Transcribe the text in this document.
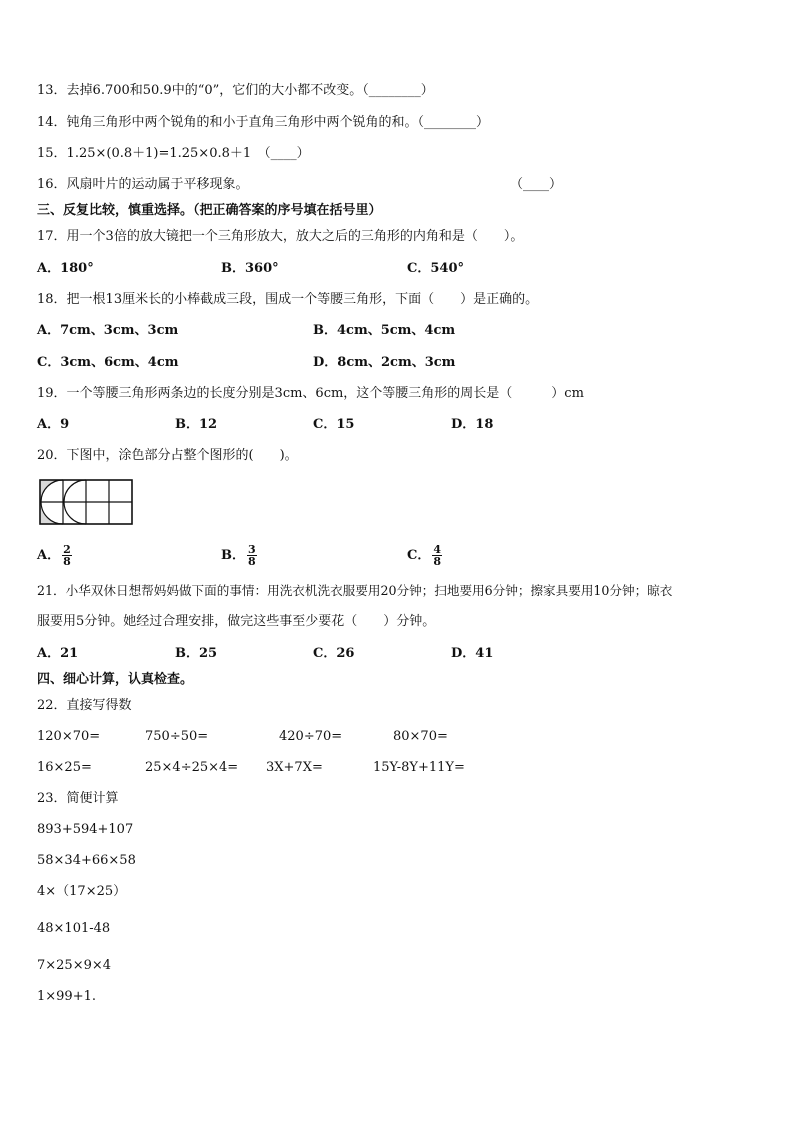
13．去掉6.700和50.9中的“0”，它们的大小都不改变。（________）
14．钝角三角形中两个锐角的和小于直角三角形中两个锐角的和。（________）
15．1.25×(0.8＋1)=1.25×0.8＋1　（____）
16．风扇叶片的运动属于平移现象。	（____）
三、反复比较，慎重选择。（把正确答案的序号填在括号里）
17．用一个3倍的放大镜把一个三角形放大，放大之后的三角形的内角和是（　　）。
A．180°	B．360°	C．540°
18．把一根13厘米长的小棒截成三段，围成一个等腰三角形，下面（　　）是正确的。
A．7cm、3cm、3cm	B．4cm、5cm、4cm
C．3cm、6cm、4cm	D．8cm、2cm、3cm
19．一个等腰三角形两条边的长度分别是3cm、6cm，这个等腰三角形的周长是（　　　）cm
A．9	B．12	C．15	D．18
20．下图中，涂色部分占整个图形的(　　)。
A． $\frac{2}{8}$	B． $\frac{3}{8}$	C． $\frac{4}{8}$
21．小华双休日想帮妈妈做下面的事情：用洗衣机洗衣服要用20分钟；扫地要用6分钟；擦家具要用10分钟；晾衣
服要用5分钟。她经过合理安排，做完这些事至少要花（　　）分钟。
A．21	B．25	C．26	D．41
四、细心计算，认真检查。
22．直接写得数
120×70=	750÷50=	420÷70=	80×70=
16×25=	25×4÷25×4= 3X+7X=	15Y-8Y+11Y=
23．简便计算
893+594+107
58×34+66×58
4×（17×25）
48×101-48
7×25×9×4
1×99+1.
